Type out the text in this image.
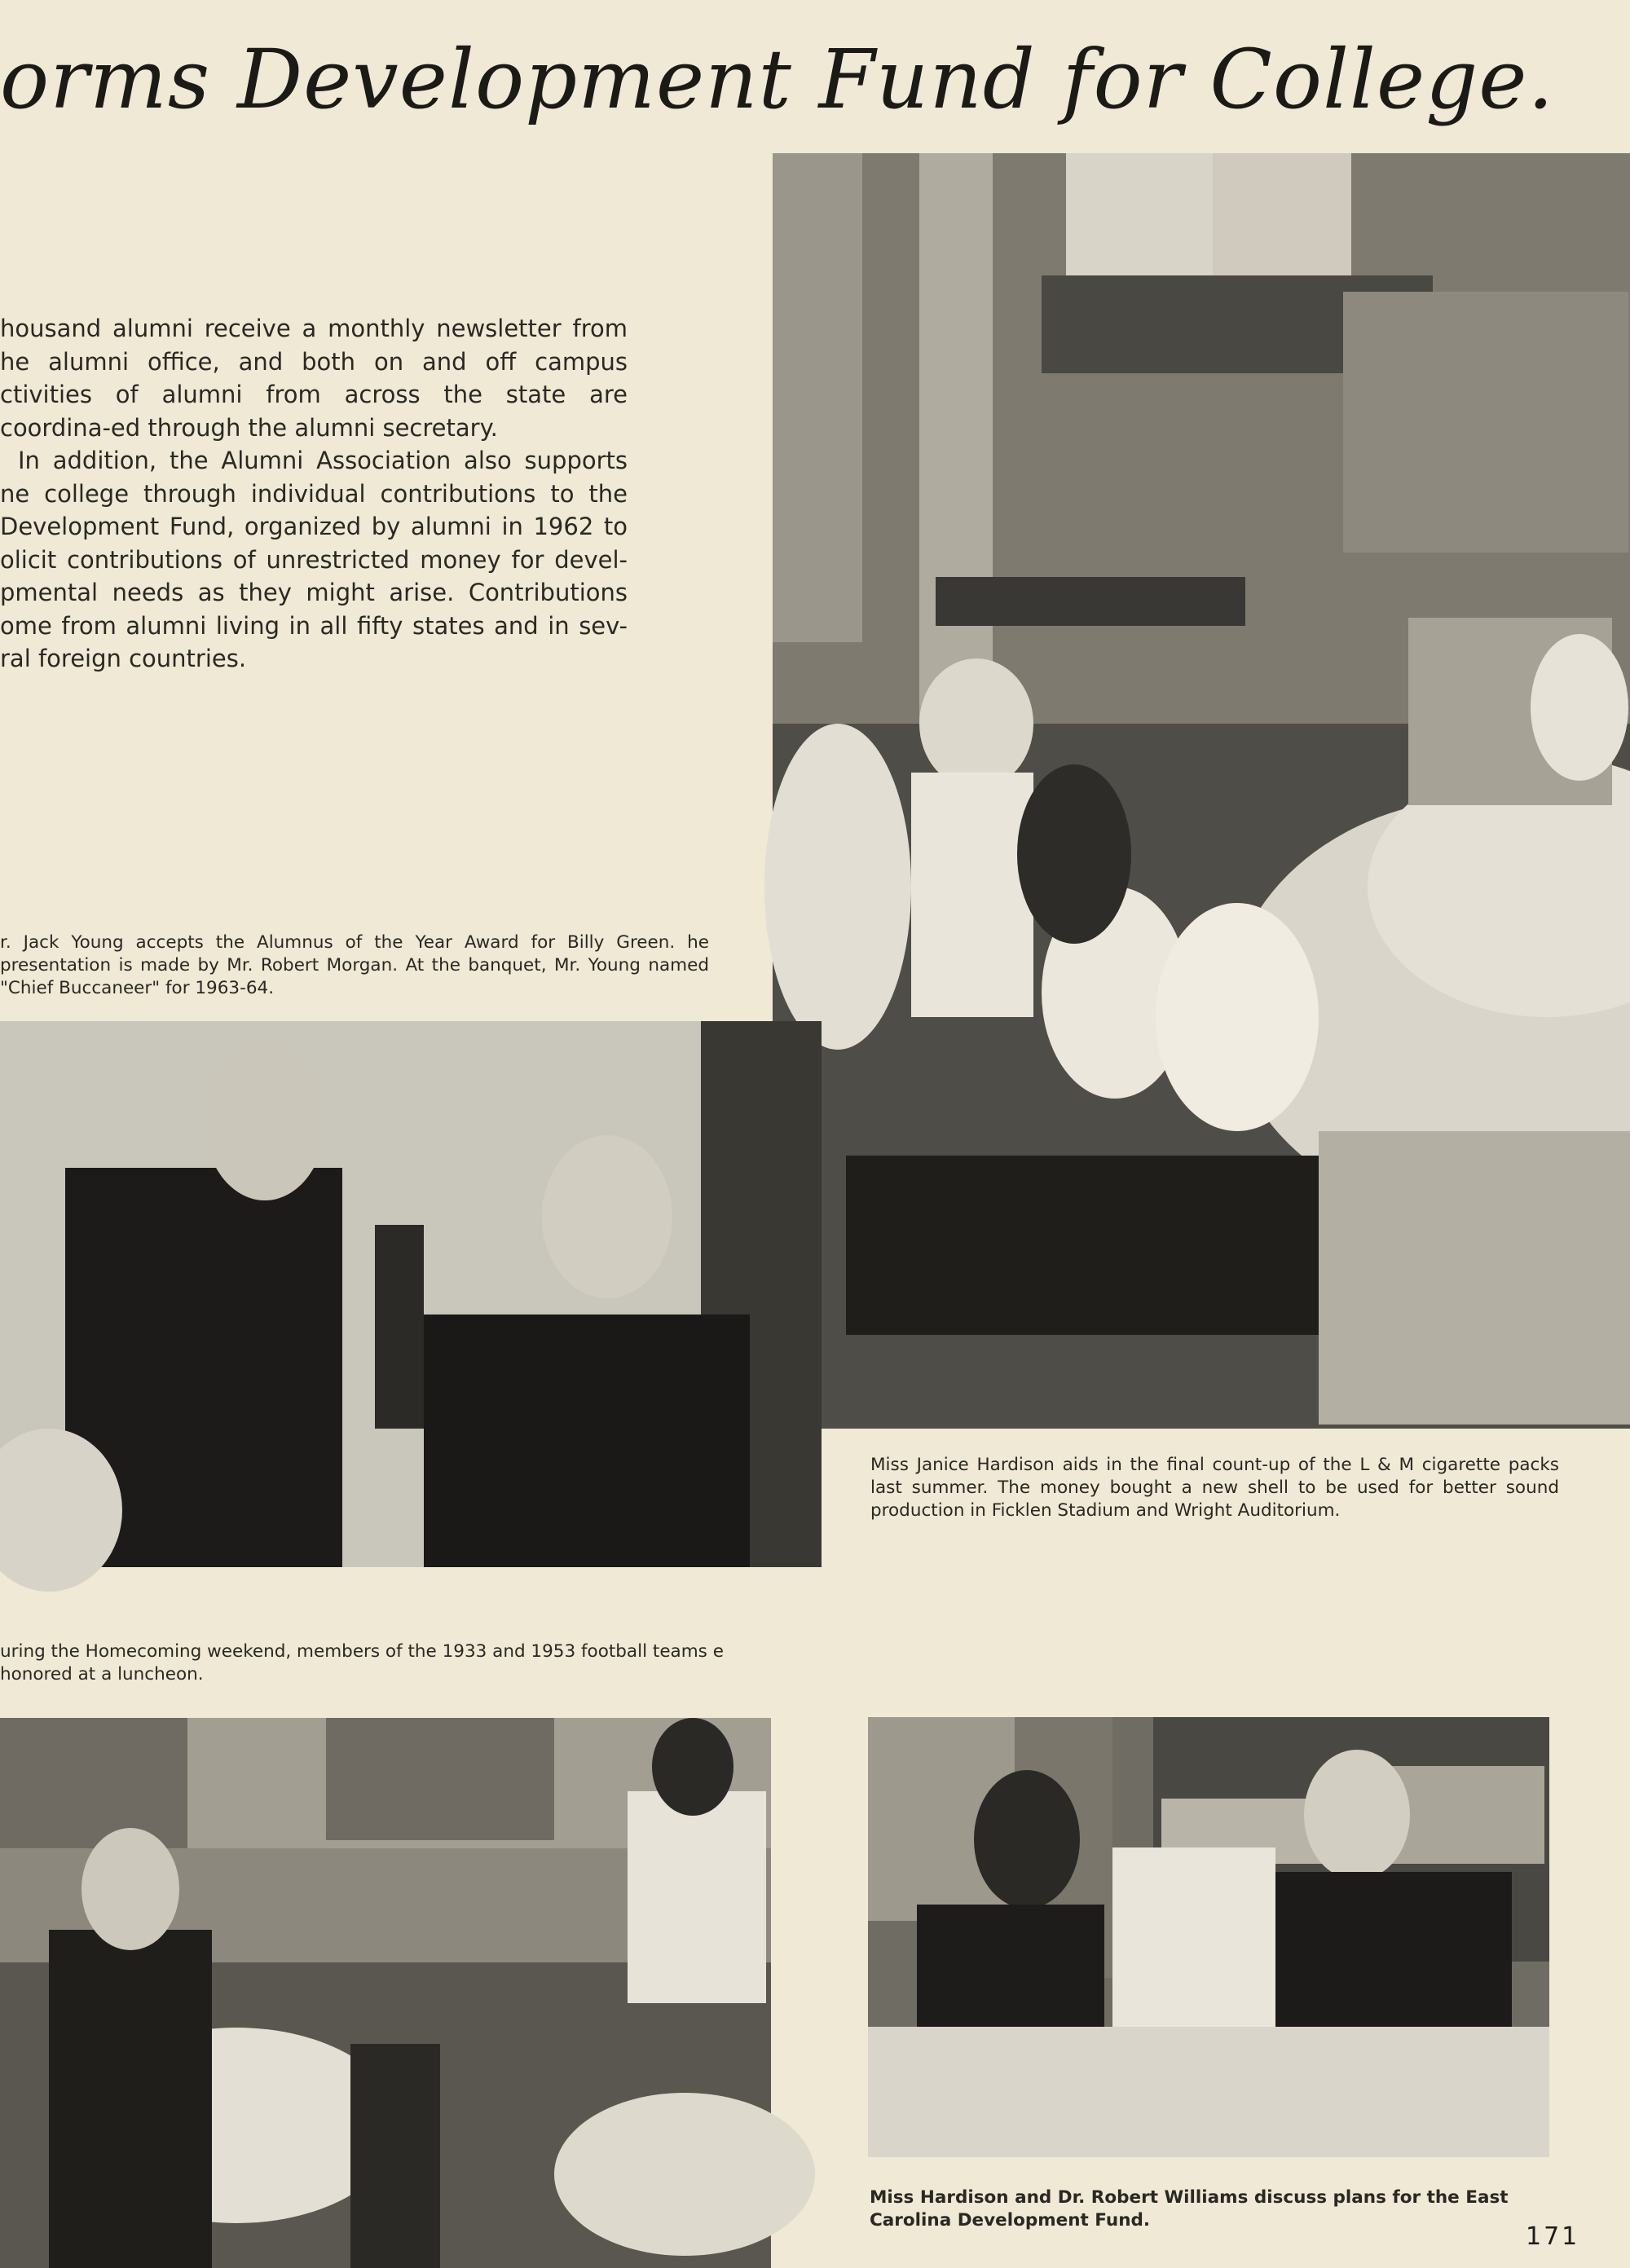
orms Development Fund for College.

housand alumni receive a monthly newsletter from he alumni office, and both on and off campus ctivities of alumni from across the state are coordina-ed through the alumni secretary.

In addition, the Alumni Association also supports ne college through individual contributions to the Development Fund, organized by alumni in 1962 to olicit contributions of unrestricted money for devel-pmental needs as they might arise. Contributions ome from alumni living in all fifty states and in sev-ral foreign countries.

r. Jack Young accepts the Alumnus of the Year Award for Billy Green. he presentation is made by Mr. Robert Morgan. At the banquet, Mr. Young named "Chief Buccaneer" for 1963-64.
Miss Janice Hardison aids in the final count-up of the L & M cigarette packs last summer. The money bought a new shell to be used for better sound production in Ficklen Stadium and Wright Auditorium.
uring the Homecoming weekend, members of the 1933 and 1953 football teams e honored at a luncheon.
Miss Hardison and Dr. Robert Williams discuss plans for the East Carolina Development Fund.
171
